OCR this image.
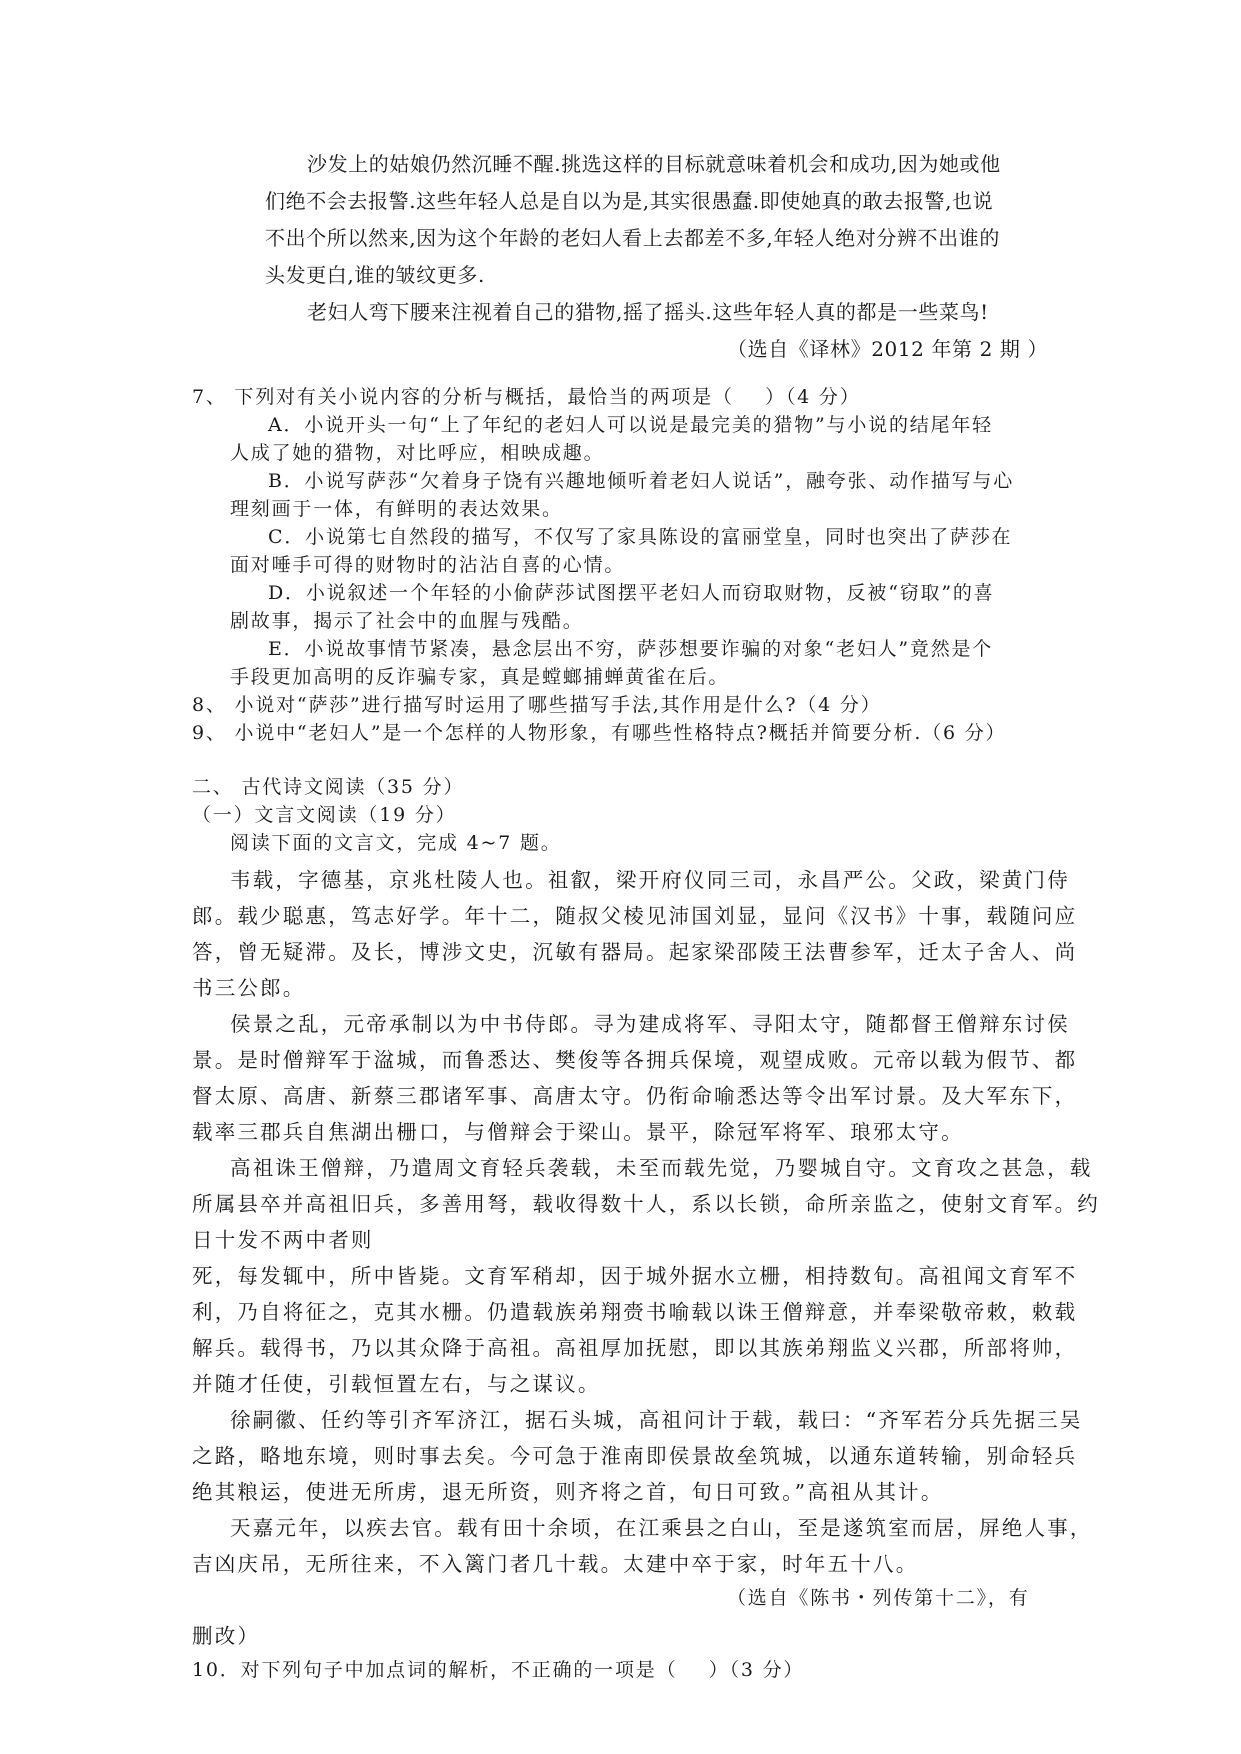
沙发上的姑娘仍然沉睡不醒.挑选这样的目标就意味着机会和成功,因为她或他
们绝不会去报警.这些年轻人总是自以为是,其实很愚蠢.即使她真的敢去报警,也说
不出个所以然来,因为这个年龄的老妇人看上去都差不多,年轻人绝对分辨不出谁的
头发更白,谁的皱纹更多.
老妇人弯下腰来注视着自己的猎物,摇了摇头.这些年轻人真的都是一些菜鸟!
（选自《译林》2012 年第 2 期 ）
7、 下列对有关小说内容的分析与概括，最恰当的两项是（    ）（4 分）
A．小说开头一句“上了年纪的老妇人可以说是最完美的猎物”与小说的结尾年轻
人成了她的猎物，对比呼应，相映成趣。
B．小说写萨莎“欠着身子饶有兴趣地倾听着老妇人说话”，融夸张、动作描写与心
理刻画于一体，有鲜明的表达效果。
C．小说第七自然段的描写，不仅写了家具陈设的富丽堂皇，同时也突出了萨莎在
面对唾手可得的财物时的沾沾自喜的心情。
D．小说叙述一个年轻的小偷萨莎试图摆平老妇人而窃取财物，反被“窃取”的喜
剧故事，揭示了社会中的血腥与残酷。
E．小说故事情节紧凑，悬念层出不穷，萨莎想要诈骗的对象“老妇人”竟然是个
手段更加高明的反诈骗专家，真是螳螂捕蝉黄雀在后。
8、 小说对“萨莎”进行描写时运用了哪些描写手法,其作用是什么?（4 分）
9、 小说中“老妇人”是一个怎样的人物形象，有哪些性格特点?概括并简要分析.（6 分）
二、 古代诗文阅读（35 分）
（一）文言文阅读（19 分）
阅读下面的文言文，完成 4~7 题。
韦载，字德基，京兆杜陵人也。祖叡，梁开府仪同三司，永昌严公。父政，梁黄门侍
郎。载少聪惠，笃志好学。年十二，随叔父棱见沛国刘显，显问《汉书》十事，载随问应
答，曾无疑滞。及长，博涉文史，沉敏有器局。起家梁邵陵王法曹参军，迁太子舍人、尚
书三公郎。
侯景之乱，元帝承制以为中书侍郎。寻为建成将军、寻阳太守，随都督王僧辩东讨侯
景。是时僧辩军于湓城，而鲁悉达、樊俊等各拥兵保境，观望成败。元帝以载为假节、都
督太原、高唐、新蔡三郡诸军事、高唐太守。仍衔命喻悉达等令出军讨景。及大军东下，
载率三郡兵自焦湖出栅口，与僧辩会于梁山。景平，除冠军将军、琅邪太守。
高祖诛王僧辩，乃遣周文育轻兵袭载，未至而载先觉，乃婴城自守。文育攻之甚急，载
所属县卒并高祖旧兵，多善用弩，载收得数十人，系以长锁，命所亲监之，使射文育军。约
日十发不两中者则
死，每发辄中，所中皆毙。文育军稍却，因于城外据水立栅，相持数旬。高祖闻文育军不
利，乃自将征之，克其水栅。仍遣载族弟翔赍书喻载以诛王僧辩意，并奉梁敬帝敕，敕载
解兵。载得书，乃以其众降于高祖。高祖厚加抚慰，即以其族弟翔监义兴郡，所部将帅，
并随才任使，引载恒置左右，与之谋议。
徐嗣徽、任约等引齐军济江，据石头城，高祖问计于载，载曰：“齐军若分兵先据三吴
之路，略地东境，则时事去矣。今可急于淮南即侯景故垒筑城，以通东道转输，别命轻兵
绝其粮运，使进无所虏，退无所资，则齐将之首，旬日可致。”高祖从其计。
天嘉元年，以疾去官。载有田十余顷，在江乘县之白山，至是遂筑室而居，屏绝人事，
吉凶庆吊，无所往来，不入篱门者几十载。太建中卒于家，时年五十八。
（选自《陈书・列传第十二》，有
删改）
10．对下列句子中加点词的解析，不正确的一项是（    ）（3 分）
